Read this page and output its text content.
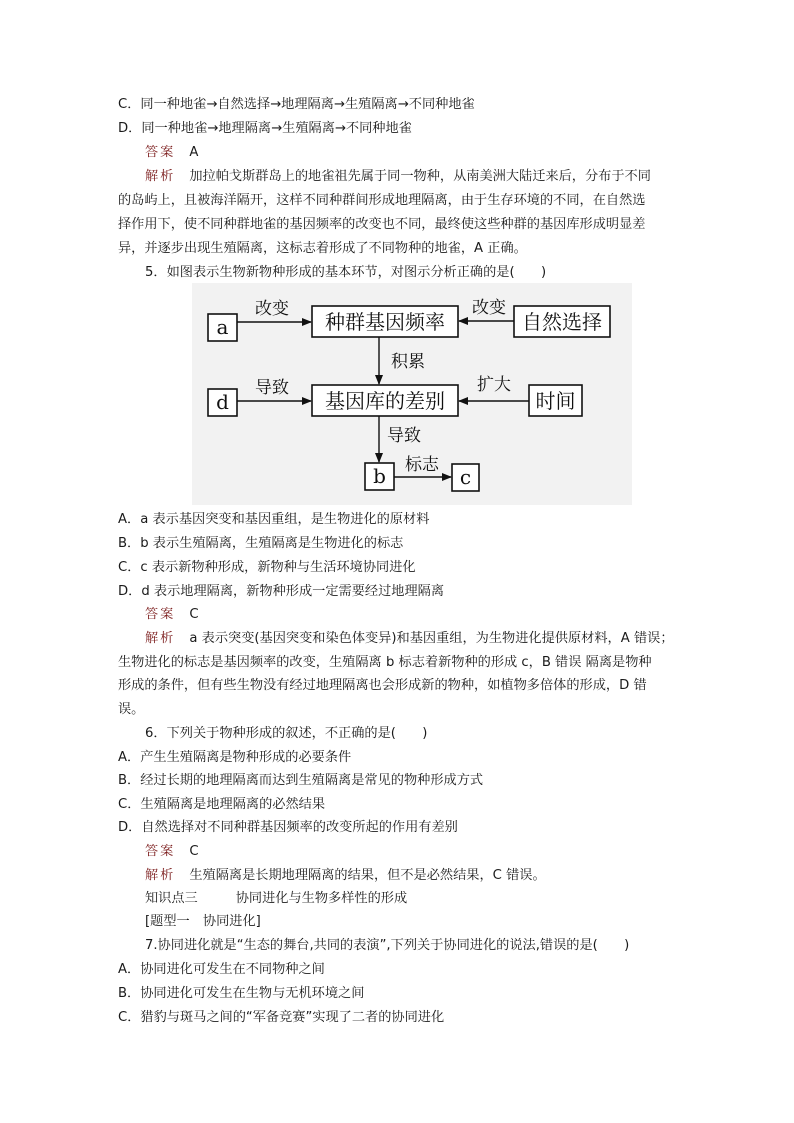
C．同一种地雀→自然选择→地理隔离→生殖隔离→不同种地雀
D．同一种地雀→地理隔离→生殖隔离→不同种地雀
答案 A
解析 加拉帕戈斯群岛上的地雀祖先属于同一物种，从南美洲大陆迁来后，分布于不同
的岛屿上，且被海洋隔开，这样不同种群间形成地理隔离，由于生存环境的不同，在自然选
择作用下，使不同种群地雀的基因频率的改变也不同，最终使这些种群的基因库形成明显差
异，并逐步出现生殖隔离，这标志着形成了不同物种的地雀，A 正确。
5．如图表示生物新物种形成的基本环节，对图示分析正确的是(　　)
a	种群基因频率	自然选择
d	基因库的差别	时间
b	c
改变	改变
积累
导致	扩大
导致
标志
A．a 表示基因突变和基因重组，是生物进化的原材料
B．b 表示生殖隔离，生殖隔离是生物进化的标志
C．c 表示新物种形成，新物种与生活环境协同进化
D．d 表示地理隔离，新物种形成一定需要经过地理隔离
答案 C
解析 a 表示突变(基因突变和染色体变异)和基因重组，为生物进化提供原材料，A 错误；
生物进化的标志是基因频率的改变，生殖隔离 b 标志着新物种的形成 c，B 错误 隔离是物种
形成的条件，但有些生物没有经过地理隔离也会形成新的物种，如植物多倍体的形成，D 错
误。
6．下列关于物种形成的叙述，不正确的是(　　)
A．产生生殖隔离是物种形成的必要条件
B．经过长期的地理隔离而达到生殖隔离是常见的物种形成方式
C．生殖隔离是地理隔离的必然结果
D．自然选择对不同种群基因频率的改变所起的作用有差别
答案 C
解析 生殖隔离是长期地理隔离的结果，但不是必然结果，C 错误。
知识点三	协同进化与生物多样性的形成
[题型一　协同进化]
7.协同进化就是“生态的舞台,共同的表演”,下列关于协同进化的说法,错误的是(　　)
A．协同进化可发生在不同物种之间
B．协同进化可发生在生物与无机环境之间
C．猎豹与斑马之间的“军备竞赛”实现了二者的协同进化
